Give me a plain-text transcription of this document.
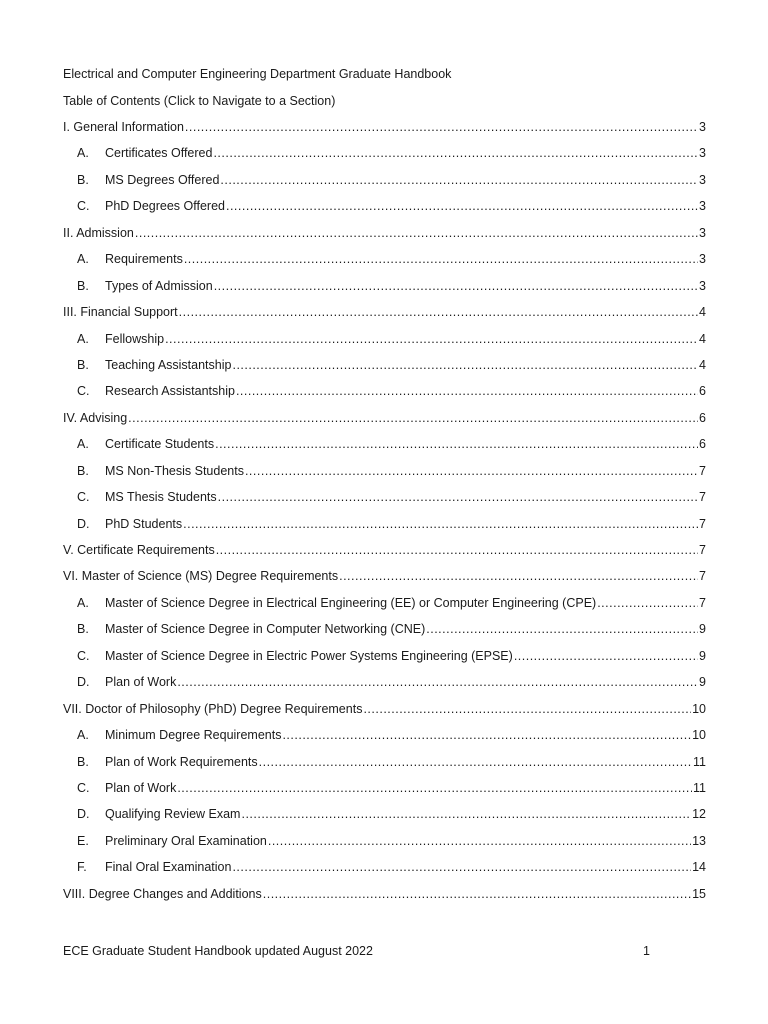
Electrical and Computer Engineering Department Graduate Handbook
Table of Contents (Click to Navigate to a Section)
I. General Information .....	3
A.	Certificates Offered .....	3
B.	MS Degrees Offered .....	3
C.	PhD Degrees Offered .....	3
II. Admission .....	3
A.	Requirements .....	3
B.	Types of Admission .....	3
III. Financial Support .....	4
A.	Fellowship .....	4
B.	Teaching Assistantship .....	4
C.	Research Assistantship .....	6
IV. Advising .....	6
A.	Certificate Students .....	6
B.	MS Non-Thesis Students .....	7
C.	MS Thesis Students .....	7
D.	PhD Students .....	7
V. Certificate Requirements .....	7
VI. Master of Science (MS) Degree Requirements .....	7
A.	Master of Science Degree in Electrical Engineering (EE) or Computer Engineering (CPE) .....	7
B.	Master of Science Degree in Computer Networking (CNE) .....	9
C.	Master of Science Degree in Electric Power Systems Engineering (EPSE) .....	9
D.	Plan of Work .....	9
VII. Doctor of Philosophy (PhD) Degree Requirements .....	10
A.	Minimum Degree Requirements .....	10
B.	Plan of Work Requirements .....	11
C.	Plan of Work .....	11
D.	Qualifying Review Exam .....	12
E.	Preliminary Oral Examination .....	13
F.	Final Oral Examination .....	14
VIII. Degree Changes and Additions .....	15
ECE Graduate Student Handbook updated August 2022	1
